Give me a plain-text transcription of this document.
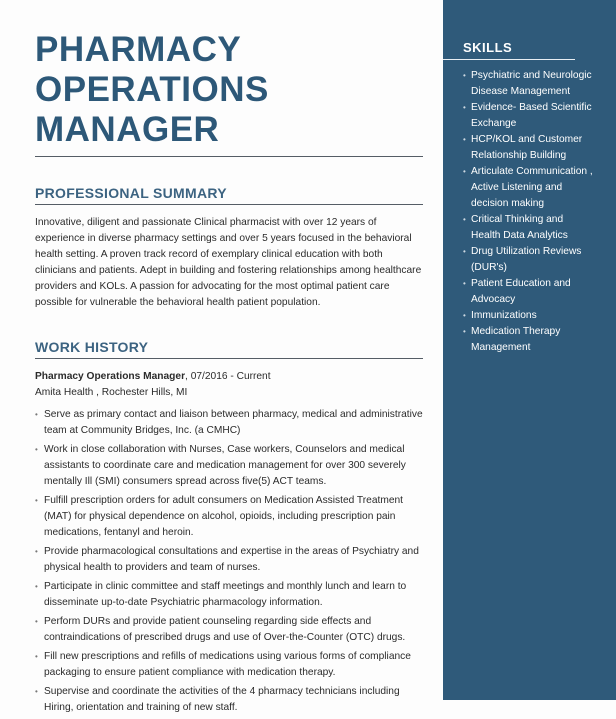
PHARMACY
OPERATIONS
MANAGER
PROFESSIONAL SUMMARY

Innovative, diligent and passionate Clinical pharmacist with over 12 years of experience in diverse pharmacy settings and over 5 years focused in the behavioral health setting. A proven track record of exemplary clinical education with both clinicians and patients. Adept in building and fostering relationships among healthcare providers and KOLs. A passion for advocating for the most optimal patient care possible for vulnerable the behavioral health patient population.

WORK HISTORY
Pharmacy Operations Manager, 07/2016 - Current
Amita Health , Rochester Hills, MI
• Serve as primary contact and liaison between pharmacy, medical and administrative team at Community Bridges, Inc. (a CMHC)
• Work in close collaboration with Nurses, Case workers, Counselors and medical assistants to coordinate care and medication management for over 300 severely mentally Ill (SMI) consumers spread across five(5) ACT teams.
• Fulfill prescription orders for adult consumers on Medication Assisted Treatment (MAT) for physical dependence on alcohol, opioids, including prescription pain medications, fentanyl and heroin.
• Provide pharmacological consultations and expertise in the areas of Psychiatry and physical health to providers and team of nurses.
• Participate in clinic committee and staff meetings and monthly lunch and learn to disseminate up-to-date Psychiatric pharmacology information.
• Perform DURs and provide patient counseling regarding side effects and contraindications of prescribed drugs and use of Over-the-Counter (OTC) drugs.
• Fill new prescriptions and refills of medications using various forms of compliance packaging to ensure patient compliance with medication therapy.
• Supervise and coordinate the activities of the 4 pharmacy technicians including Hiring, orientation and training of new staff.
SKILLS
• Psychiatric and Neurologic Disease Management
• Evidence- Based Scientific Exchange
• HCP/KOL and Customer Relationship Building
• Articulate Communication , Active Listening and decision making
• Critical Thinking and Health Data Analytics
• Drug Utilization Reviews (DUR's)
• Patient Education and Advocacy
• Immunizations
• Medication Therapy Management
